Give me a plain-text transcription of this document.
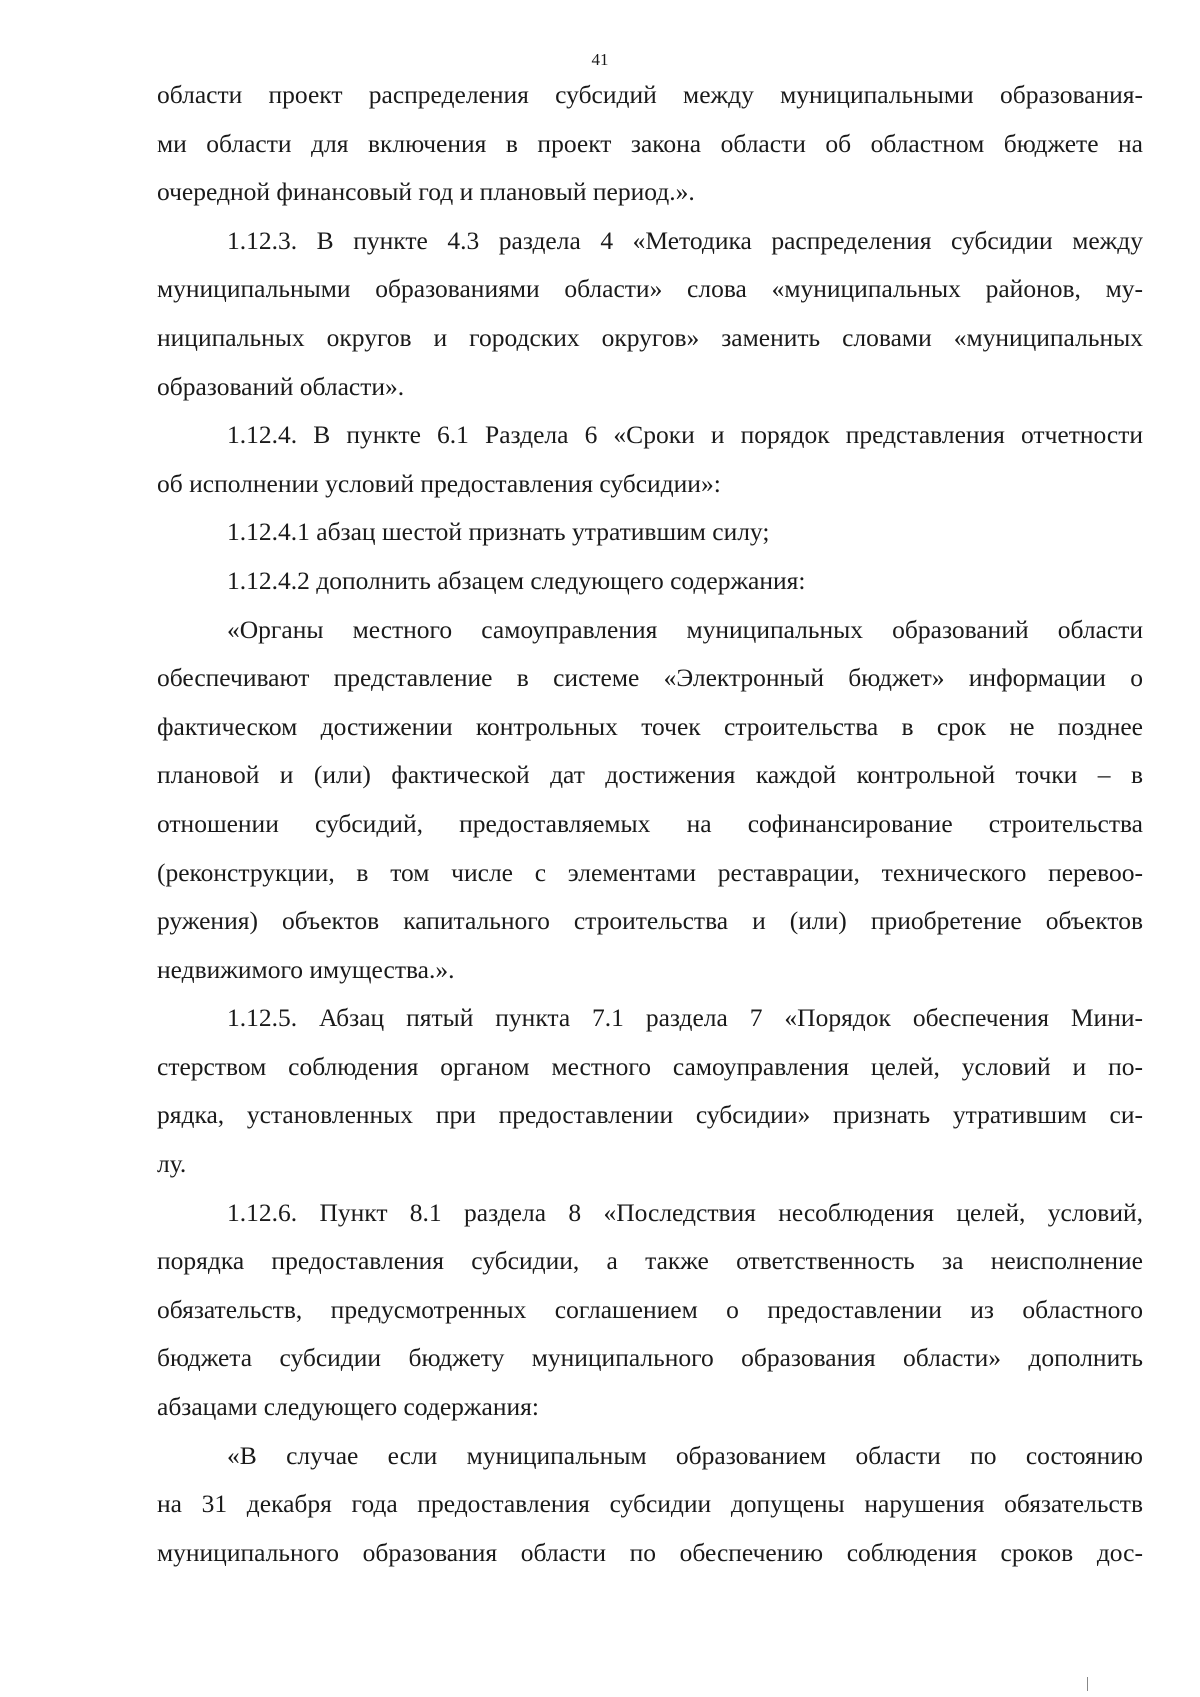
41
области проект распределения субсидий между муниципальными образования-
ми области для включения в проект закона области об областном бюджете на
очередной финансовый год и плановый период.».
1.12.3. В пункте 4.3 раздела 4 «Методика распределения субсидии между
муниципальными образованиями области» слова «муниципальных районов, му-
ниципальных округов и городских округов» заменить словами «муниципальных
образований области».
1.12.4. В пункте 6.1 Раздела 6 «Сроки и порядок представления отчетности
об исполнении условий предоставления субсидии»:
1.12.4.1 абзац шестой признать утратившим силу;
1.12.4.2 дополнить абзацем следующего содержания:
«Органы местного самоуправления муниципальных образований области
обеспечивают представление в системе «Электронный бюджет» информации о
фактическом достижении контрольных точек строительства в срок не позднее
плановой и (или) фактической дат достижения каждой контрольной точки – в
отношении субсидий, предоставляемых на софинансирование строительства
(реконструкции, в том числе с элементами реставрации, технического перевоо-
ружения) объектов капитального строительства и (или) приобретение объектов
недвижимого имущества.».
1.12.5. Абзац пятый пункта 7.1 раздела 7 «Порядок обеспечения Мини-
стерством соблюдения органом местного самоуправления целей, условий и по-
рядка, установленных при предоставлении субсидии» признать утратившим си-
лу.
1.12.6. Пункт 8.1 раздела 8 «Последствия несоблюдения целей, условий,
порядка предоставления субсидии, а также ответственность за неисполнение
обязательств, предусмотренных соглашением о предоставлении из областного
бюджета субсидии бюджету муниципального образования области» дополнить
абзацами следующего содержания:
«В случае если муниципальным образованием области по состоянию
на 31 декабря года предоставления субсидии допущены нарушения обязательств
муниципального образования области по обеспечению соблюдения сроков дос-
